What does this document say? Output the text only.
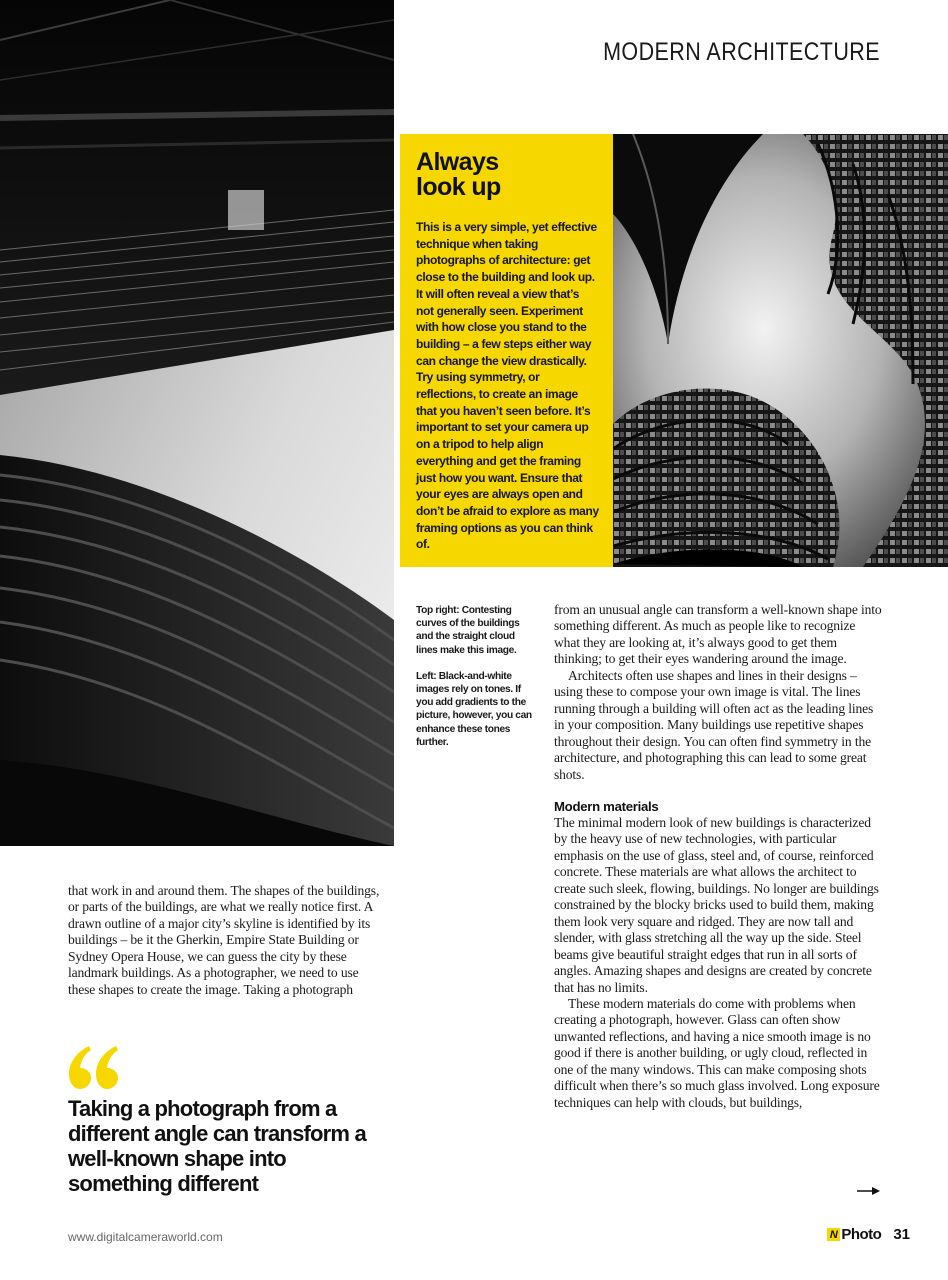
MODERN ARCHITECTURE
Always
look up

This is a very simple, yet effective technique when taking photographs of architecture: get close to the building and look up. It will often reveal a view that’s not generally seen. Experiment with how close you stand to the building – a few steps either way can change the view drastically. Try using symmetry, or reflections, to create an image that you haven’t seen before. It’s important to set your camera up on a tripod to help align everything and get the framing just how you want. Ensure that your eyes are always open and don’t be afraid to explore as many framing options as you can think of.

Top right: Contesting curves of the buildings and the straight cloud lines make this image.

Left: Black-and-white images rely on tones. If you add gradients to the picture, however, you can enhance these tones further.

that work in and around them. The shapes of the buildings, or parts of the buildings, are what we really notice first. A drawn outline of a major city’s skyline is identified by its buildings – be it the Gherkin, Empire State Building or Sydney Opera House, we can guess the city by these landmark buildings. As a photographer, we need to use these shapes to create the image. Taking a photograph

from an unusual angle can transform a well-known shape into something different. As much as people like to recognize what they are looking at, it’s always good to get them thinking; to get their eyes wandering around the image.

Architects often use shapes and lines in their designs – using these to compose your own image is vital. The lines running through a building will often act as the leading lines in your composition. Many buildings use repetitive shapes throughout their design. You can often find symmetry in the architecture, and photographing this can lead to some great shots.

Modern materials

The minimal modern look of new buildings is characterized by the heavy use of new technologies, with particular emphasis on the use of glass, steel and, of course, reinforced concrete. These materials are what allows the architect to create such sleek, flowing, buildings. No longer are buildings constrained by the blocky bricks used to build them, making them look very square and ridged. They are now tall and slender, with glass stretching all the way up the side. Steel beams give beautiful straight edges that run in all sorts of angles. Amazing shapes and designs are created by concrete that has no limits.

These modern materials do come with problems when creating a photograph, however. Glass can often show unwanted reflections, and having a nice smooth image is no good if there is another building, or ugly cloud, reflected in one of the many windows. This can make composing shots difficult when there’s so much glass involved. Long exposure techniques can help with clouds, but buildings,

Taking a photograph from a different angle can transform a well-known shape into something different

www.digitalcameraworld.com	N Photo 31
